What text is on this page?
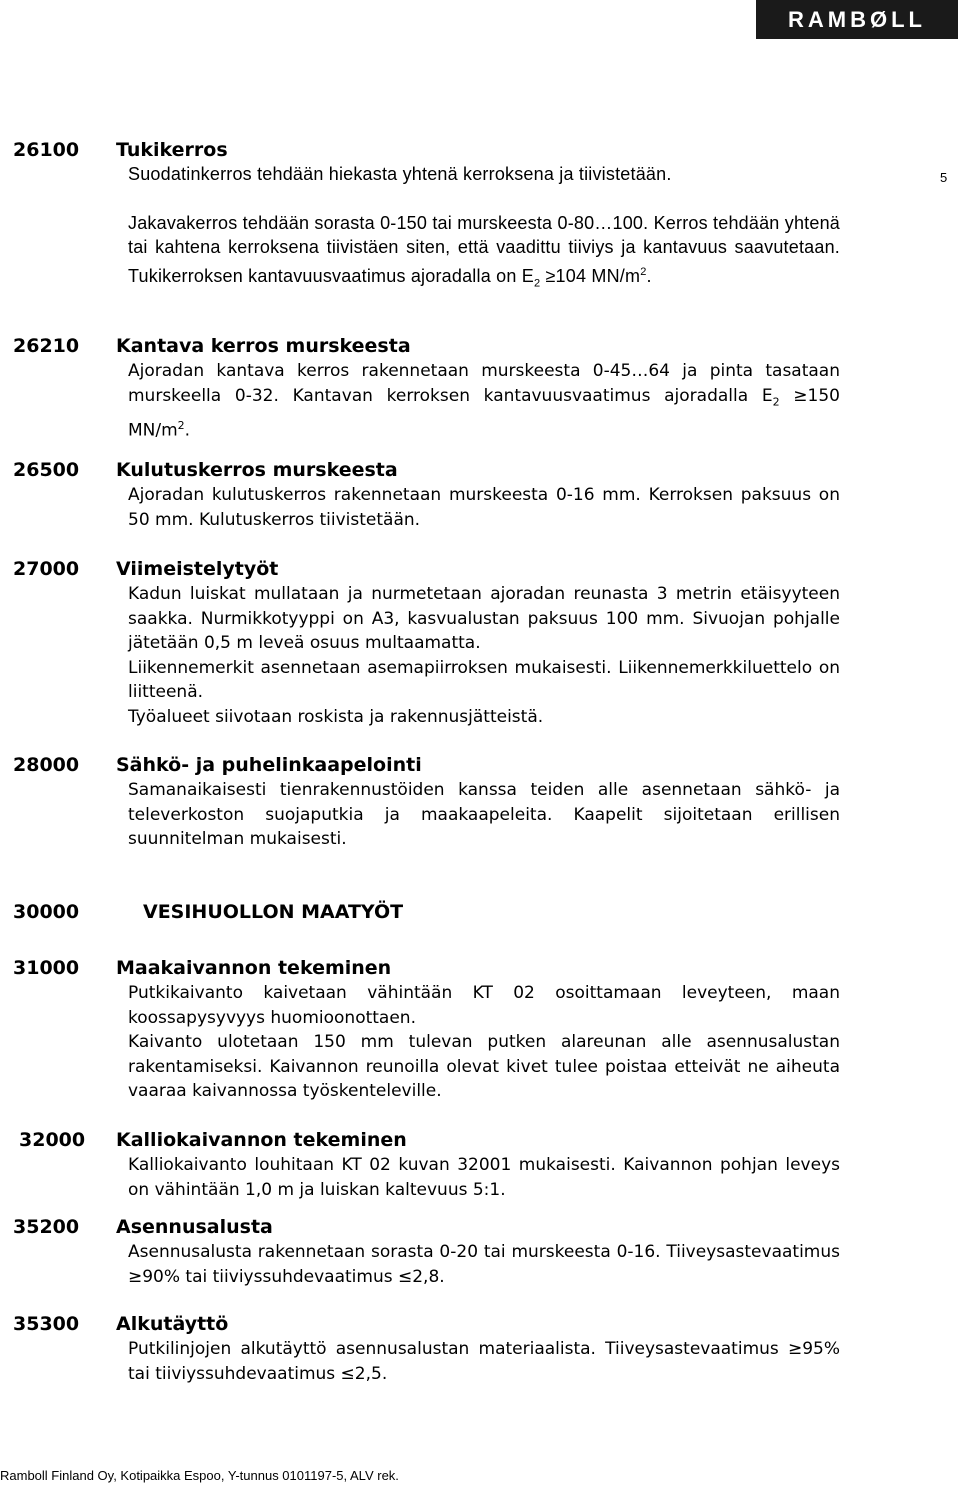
RAMBØLL
5
26100 Tukikerros

Suodatinkerros tehdään hiekasta yhtenä kerroksena ja tiivistetään.

Jakavakerros tehdään sorasta 0-150 tai murskeesta 0-80…100. Kerros tehdään yhtenä tai kahtena kerroksena tiivistäen siten, että vaadittu tiiviys ja kantavuus saavutetaan. Tukikerroksen kantavuusvaatimus ajoradalla on $E_2 \ge 104$ $MN/m^2$.

26210 Kantava kerros murskeesta

Ajoradan kantava kerros rakennetaan murskeesta 0-45…64 ja pinta tasataan murskeella 0-32. Kantavan kerroksen kantavuusvaatimus ajoradalla $E_2 \ge 150$ $MN/m^2$.

26500 Kulutuskerros murskeesta

Ajoradan kulutuskerros rakennetaan murskeesta 0-16 mm. Kerroksen paksuus on 50 mm. Kulutuskerros tiivistetään.

27000 Viimeistelytyöt

Kadun luiskat mullataan ja nurmetetaan ajoradan reunasta 3 metrin etäisyyteen saakka. Nurmikkotyyppi on A3, kasvualustan paksuus 100 mm. Sivuojan pohjalle jätetään 0,5 m leveä osuus multaamatta.

Liikennemerkit asennetaan asemapiirroksen mukaisesti. Liikennemerkkiluettelo on liitteenä.

Työalueet siivotaan roskista ja rakennusjätteistä.

28000 Sähkö- ja puhelinkaapelointi

Samanaikaisesti tienrakennustöiden kanssa teiden alle asennetaan sähkö- ja televerkoston suojaputkia ja maakaapeleita. Kaapelit sijoitetaan erillisen suunnitelman mukaisesti.

30000	VESIHUOLLON MAATYÖT
31000 Maakaivannon tekeminen

Putkikaivanto kaivetaan vähintään KT 02 osoittamaan leveyteen, maan koossapysyvyys huomioonottaen.

Kaivanto ulotetaan 150 mm tulevan putken alareunan alle asennusalustan rakentamiseksi. Kaivannon reunoilla olevat kivet tulee poistaa etteivät ne aiheuta vaaraa kaivannossa työskenteleville.

32000 Kalliokaivannon tekeminen

Kalliokaivanto louhitaan KT 02 kuvan 32001 mukaisesti. Kaivannon pohjan leveys on vähintään 1,0 m ja luiskan kaltevuus 5:1.

35200 Asennusalusta

Asennusalusta rakennetaan sorasta 0-20 tai murskeesta 0-16. Tiiveysastevaatimus ≥90% tai tiiviyssuhdevaatimus ≤2,8.

35300 Alkutäyttö

Putkilinjojen alkutäyttö asennusalustan materiaalista. Tiiveysastevaatimus ≥95% tai tiiviyssuhdevaatimus ≤2,5.

Ramboll Finland Oy, Kotipaikka Espoo, Y-tunnus 0101197-5, ALV rek.
